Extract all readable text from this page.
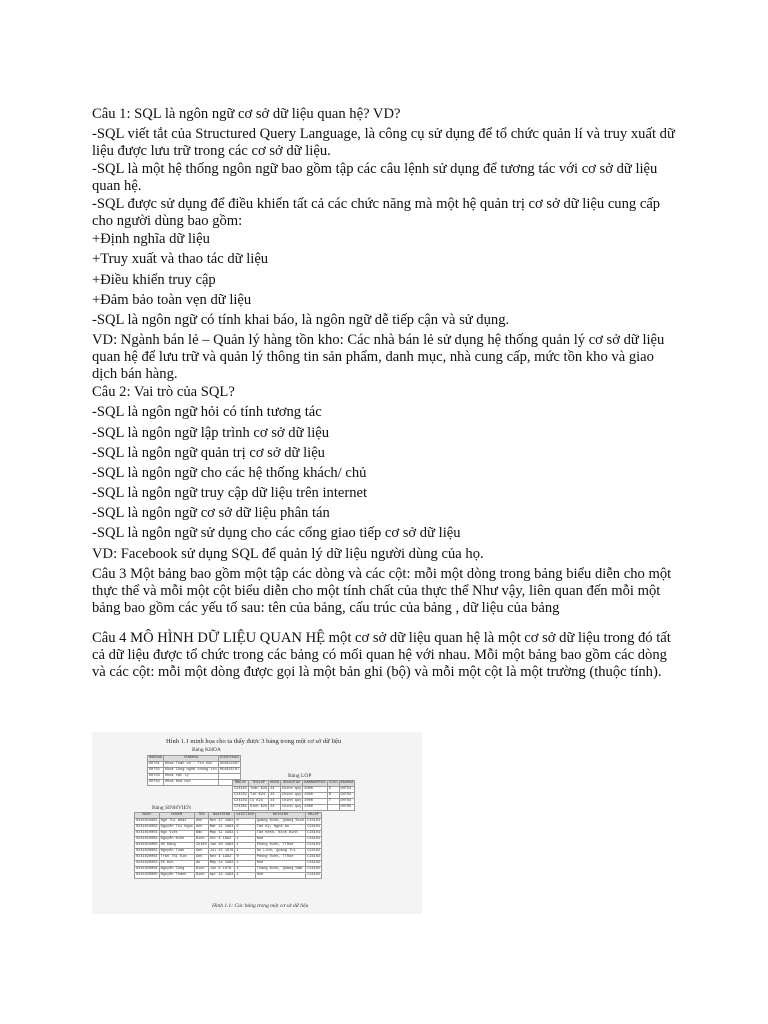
Câu 1: SQL là ngôn ngữ cơ sở dữ liệu quan hệ? VD?

-SQL viết tắt của Structured Query Language, là công cụ sử dụng để tổ chức quản lí và truy xuất dữ liệu được lưu trữ trong các cơ sở dữ liệu.

-SQL là một hệ thống ngôn ngữ bao gồm tập các câu lệnh sử dụng để tương tác với cơ sở dữ liệu quan hệ.

-SQL được sử dụng để điều khiển tất cả các chức năng mà một hệ quản trị cơ sở dữ liệu cung cấp cho người dùng bao gồm:

+Định nghĩa dữ liệu

+Truy xuất và thao tác dữ liệu

+Điều khiển truy cập

+Đảm bảo toàn vẹn dữ liệu

-SQL là ngôn ngữ có tính khai báo, là ngôn ngữ dễ tiếp cận và sử dụng.

VD: Ngành bán lẻ – Quản lý hàng tồn kho: Các nhà bán lẻ sử dụng hệ thống quản lý cơ sở dữ liệu quan hệ để lưu trữ và quản lý thông tin sản phẩm, danh mục, nhà cung cấp, mức tồn kho và giao dịch bán hàng.

Câu 2: Vai trò của SQL?

-SQL là ngôn ngữ hỏi có tính tương tác

-SQL là ngôn ngữ lập trình cơ sở dữ liệu

-SQL là ngôn ngữ quản trị cơ sở dữ liệu

-SQL là ngôn ngữ cho các hệ thống khách/ chủ

-SQL là ngôn ngữ truy cập dữ liệu trên internet

-SQL là ngôn ngữ cơ sở dữ liệu phân tán

-SQL là ngôn ngữ sử dụng cho các cổng giao tiếp cơ sở dữ liệu

VD: Facebook sử dụng SQL để quản lý dữ liệu người dùng của họ.

Câu 3 Một bảng bao gồm một tập các dòng và các cột: mỗi một dòng trong bảng biểu diễn cho một thực thể và mỗi một cột biểu diễn cho một tính chất của thực thể Như vậy, liên quan đến mỗi một bảng bao gồm các yếu tố sau: tên của bảng, cấu trúc của bảng , dữ liệu của bảng

Câu 4 MÔ HÌNH DỮ LIỆU QUAN HỆ một cơ sở dữ liệu quan hệ là một cơ sở dữ liệu trong đó tất cả dữ liệu được tổ chức trong các bảng có mối quan hệ với nhau. Mỗi một bảng bao gồm các dòng và các cột: mỗi một dòng được gọi là một bản ghi (bộ) và mỗi một cột là một trường (thuộc tính).

Hình 1.1 minh họa cho ta thấy được 3 bảng trong một cơ sở dữ liệu
Bảng KHOA
MAKHOA	TENKHOA	DIENTHOAI
DHT01	Khoa Toán cơ - Tin học	054822407
DHT02	Khoa Công nghệ thông tin	054826767
DHT03	Khoa Vật lý	
DHT04	Khoa Hoá học	
Bảng LOP
MALOP	TENLOP	KHOA	HEDAOTAO	NAMNHAPHOC	SISO	MAKHOA
C24101	Toán K24	24	Chính quy	2000	5	DHT01
C24102	Tin K24	24	Chính quy	2000	8	DHT02
C24103	Lý K24	24	Chính quy	2000	7	DHT03
C24301	Sinh K24	24	Chính quy	2000		DHT05
Bảng SINHVIEN
MASV	HODEM	TEN	NGAYSINH	GIOITINH	NOISINH	MALOP
0241010001	Ngô Thị Nhật	Anh	Nov 27 1982	0	Quảng Ninh, Quảng Bình	C24101
0241010002	Nguyễn Thị Ngọc	Anh	Mar 21 1983	0	Tân Kỳ, Nghệ An	C24101
0241010003	Ngô Việt	Bắc	May 11 1982	1	Tân Kênh, Ninh Bình	C24101
0241010004	Nguyễn Đình	Bình	Oct 6 1982	1	Huế	C24101
0241010005	Hồ Đăng	Chiến	Jan 20 1982	1	Phong Điền, TTHuế	C24101
0241020001	Nguyễn Tuấn	Anh	Jul 15 1979	1	Do Linh, Quảng Trị	C24102
0241020002	Trần Thị Kim	Anh	Nov 4 1982	0	Phong Điền, TTHuế	C24102
0241020003	Võ Đức	Ân	May 24 1982	1	Huế	C24102
0241020004	Nguyễn Công	Bình	Jun 8 1979	1	Thăng Bình, Quảng Nam	C24102
0241020005	Nguyễn Thanh	Bình	Apr 24 1982	1	Huế	C24102
Hình 1.1: Các bảng trong một cơ sở dữ liệu
